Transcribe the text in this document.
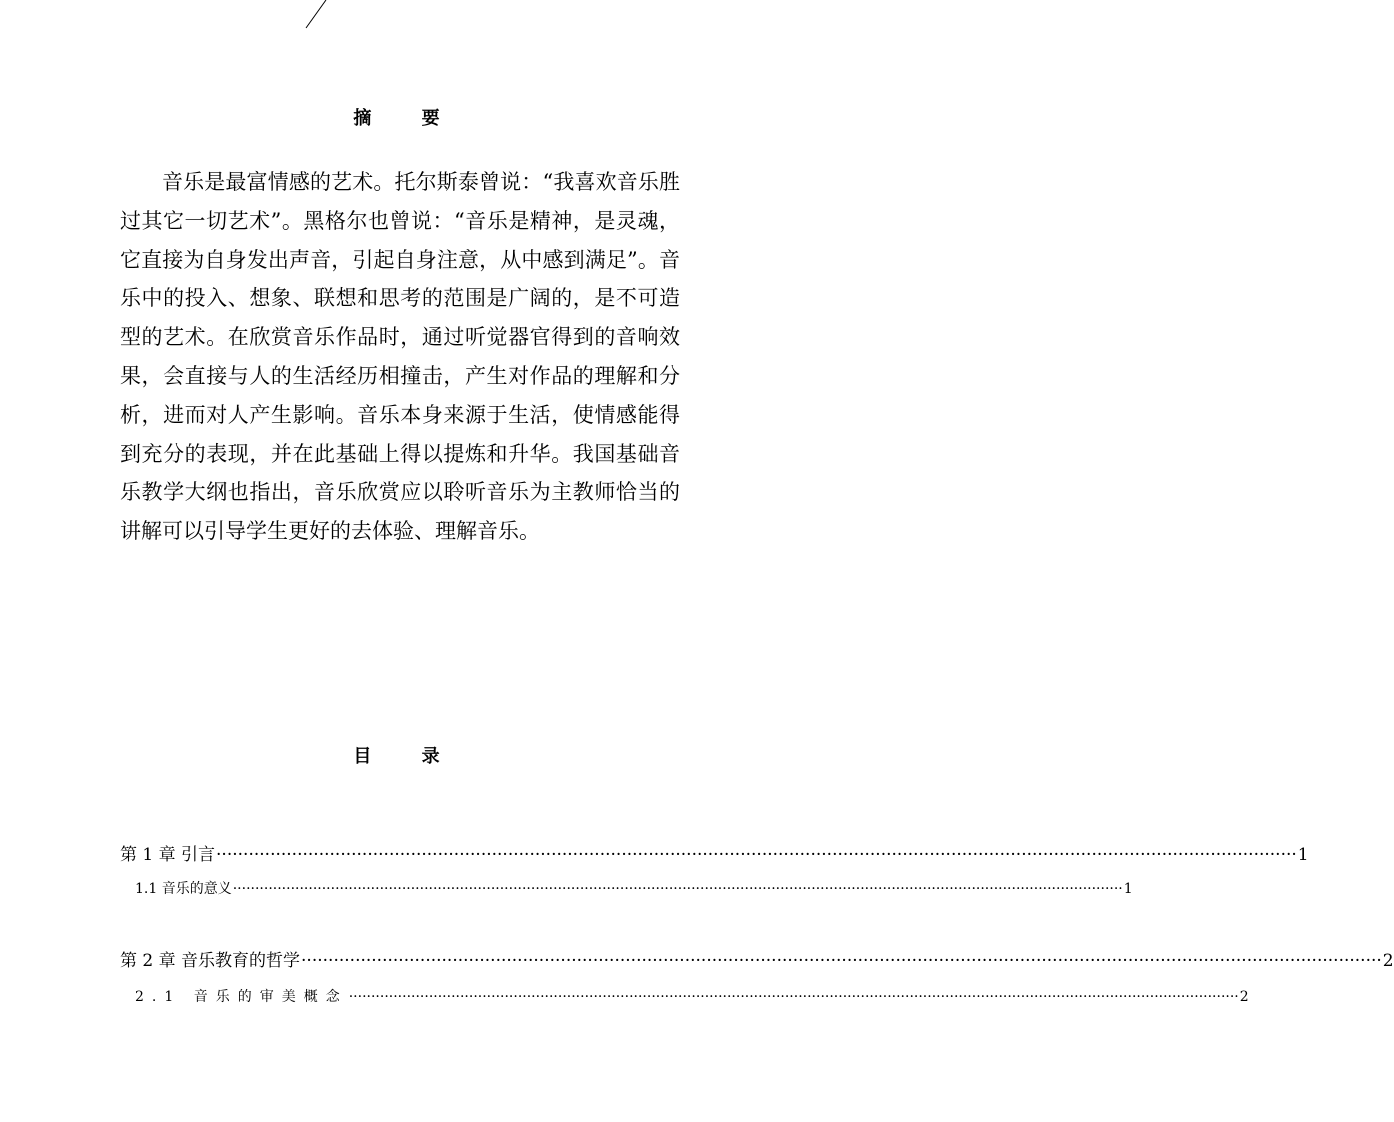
摘 要
音乐是最富情感的艺术。托尔斯泰曾说：“我喜欢音乐胜过其它一切艺术”。黑格尔也曾说：“音乐是精神，是灵魂，它直接为自身发出声音，引起自身注意，从中感到满足”。音乐中的投入、想象、联想和思考的范围是广阔的，是不可造型的艺术。在欣赏音乐作品时，通过听觉器官得到的音响效果，会直接与人的生活经历相撞击，产生对作品的理解和分析，进而对人产生影响。音乐本身来源于生活，使情感能得到充分的表现，并在此基础上得以提炼和升华。我国基础音乐教学大纲也指出，音乐欣赏应以聆听音乐为主教师恰当的讲解可以引导学生更好的去体验、理解音乐。
目 录
第 1 章 引言 ········································································································································································································ 1
1.1 音乐的意义 ········································································································································································································ 1
第 2 章 音乐教育的哲学 ········································································································································································································ 2
2.1 音乐的审美概念 ········································································································································································································ 2
